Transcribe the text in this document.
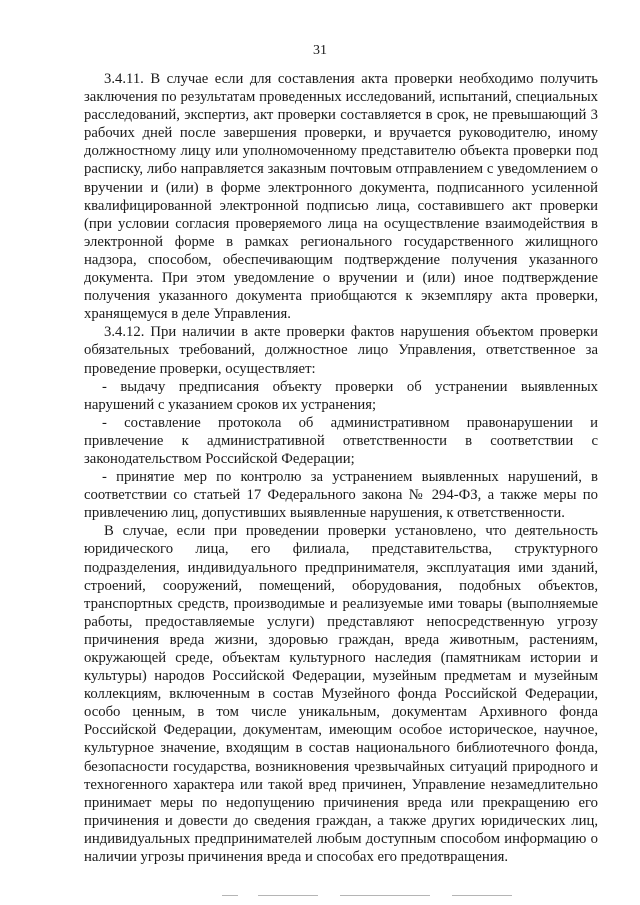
31

3.4.11. В случае если для составления акта проверки необходимо получить заключения по результатам проведенных исследований, испытаний, специальных расследований, экспертиз, акт проверки составляется в срок, не превышающий 3 рабочих дней после завершения проверки, и вручается руководителю, иному должностному лицу или уполномоченному представителю объекта проверки под расписку, либо направляется заказным почтовым отправлением с уведомлением о вручении и (или) в форме электронного документа, подписанного усиленной квалифицированной электронной подписью лица, составившего акт проверки (при условии согласия проверяемого лица на осуществление взаимодействия в электронной форме в рамках регионального государственного жилищного надзора, способом, обеспечивающим подтверждение получения указанного документа. При этом уведомление о вручении и (или) иное подтверждение получения указанного документа приобщаются к экземпляру акта проверки, хранящемуся в деле Управления.

3.4.12. При наличии в акте проверки фактов нарушения объектом проверки обязательных требований, должностное лицо Управления, ответственное за проведение проверки, осуществляет:

- выдачу предписания объекту проверки об устранении выявленных нарушений с указанием сроков их устранения;

- составление протокола об административном правонарушении и привлечение к административной ответственности в соответствии с законодательством Российской Федерации;

- принятие мер по контролю за устранением выявленных нарушений, в соответствии со статьей 17 Федерального закона № 294-ФЗ, а также меры по привлечению лиц, допустивших выявленные нарушения, к ответственности.

В случае, если при проведении проверки установлено, что деятельность юридического лица, его филиала, представительства, структурного подразделения, индивидуального предпринимателя, эксплуатация ими зданий, строений, сооружений, помещений, оборудования, подобных объектов, транспортных средств, производимые и реализуемые ими товары (выполняемые работы, предоставляемые услуги) представляют непосредственную угрозу причинения вреда жизни, здоровью граждан, вреда животным, растениям, окружающей среде, объектам культурного наследия (памятникам истории и культуры) народов Российской Федерации, музейным предметам и музейным коллекциям, включенным в состав Музейного фонда Российской Федерации, особо ценным, в том числе уникальным, документам Архивного фонда Российской Федерации, документам, имеющим особое историческое, научное, культурное значение, входящим в состав национального библиотечного фонда, безопасности государства, возникновения чрезвычайных ситуаций природного и техногенного характера или такой вред причинен, Управление незамедлительно принимает меры по недопущению причинения вреда или прекращению его причинения и довести до сведения граждан, а также других юридических лиц, индивидуальных предпринимателей любым доступным способом информацию о наличии угрозы причинения вреда и способах его предотвращения.
